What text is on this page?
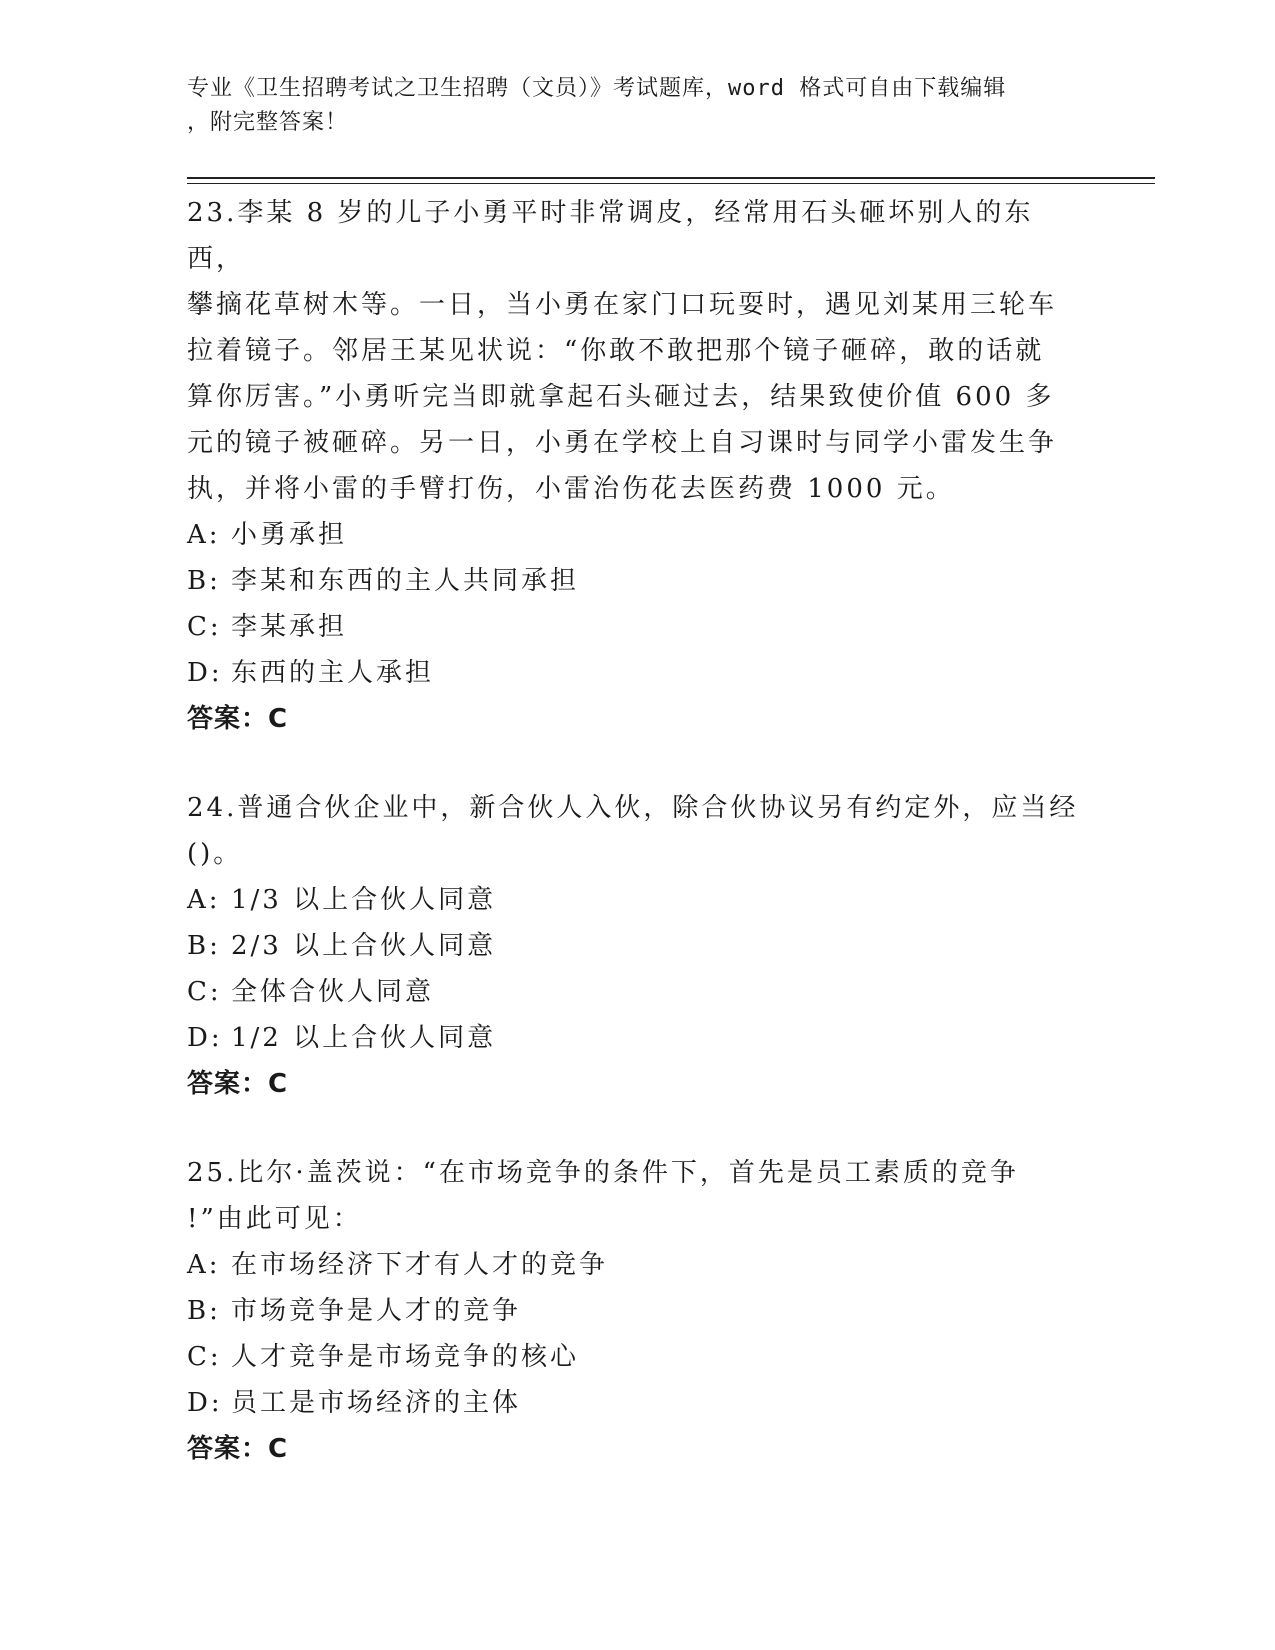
专业《卫生招聘考试之卫生招聘（文员）》考试题库，word 格式可自由下载编辑
，附完整答案！
23.李某 8 岁的儿子小勇平时非常调皮，经常用石头砸坏别人的东西，
攀摘花草树木等。一日，当小勇在家门口玩耍时，遇见刘某用三轮车
拉着镜子。邻居王某见状说：“你敢不敢把那个镜子砸碎，敢的话就
算你厉害。”小勇听完当即就拿起石头砸过去，结果致使价值 600 多
元的镜子被砸碎。另一日，小勇在学校上自习课时与同学小雷发生争
执，并将小雷的手臂打伤，小雷治伤花去医药费 1000 元。
A: 小勇承担
B: 李某和东西的主人共同承担
C: 李某承担
D: 东西的主人承担
答案：C
24.普通合伙企业中，新合伙人入伙，除合伙协议另有约定外，应当经
()。
A: 1/3 以上合伙人同意
B: 2/3 以上合伙人同意
C: 全体合伙人同意
D: 1/2 以上合伙人同意
答案：C
25.比尔·盖茨说：“在市场竞争的条件下，首先是员工素质的竞争
!”由此可见：
A: 在市场经济下才有人才的竞争
B: 市场竞争是人才的竞争
C: 人才竞争是市场竞争的核心
D: 员工是市场经济的主体
答案：C
